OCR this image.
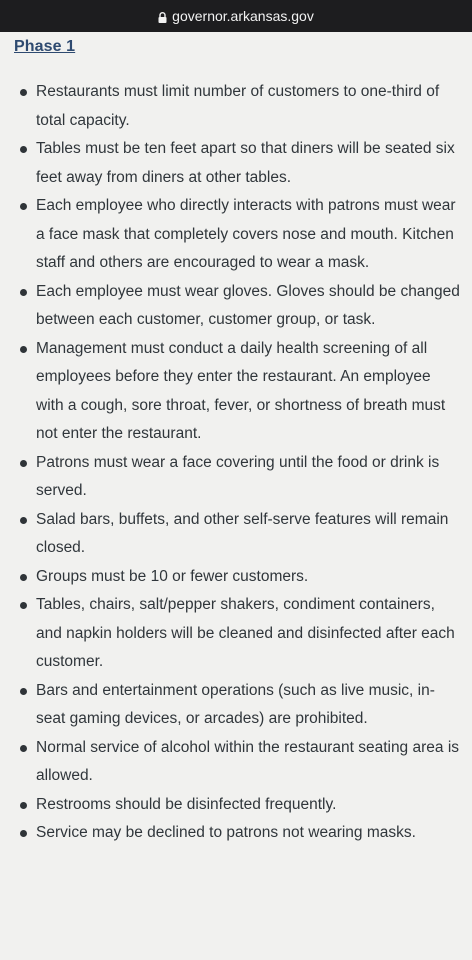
governor.arkansas.gov
Phase 1
Restaurants must limit number of customers to one-third of total capacity.
Tables must be ten feet apart so that diners will be seated six feet away from diners at other tables.
Each employee who directly interacts with patrons must wear a face mask that completely covers nose and mouth. Kitchen staff and others are encouraged to wear a mask.
Each employee must wear gloves. Gloves should be changed between each customer, customer group, or task.
Management must conduct a daily health screening of all employees before they enter the restaurant. An employee with a cough, sore throat, fever, or shortness of breath must not enter the restaurant.
Patrons must wear a face covering until the food or drink is served.
Salad bars, buffets, and other self-serve features will remain closed.
Groups must be 10 or fewer customers.
Tables, chairs, salt/pepper shakers, condiment containers, and napkin holders will be cleaned and disinfected after each customer.
Bars and entertainment operations (such as live music, in-seat gaming devices, or arcades) are prohibited.
Normal service of alcohol within the restaurant seating area is allowed.
Restrooms should be disinfected frequently.
Service may be declined to patrons not wearing masks.
